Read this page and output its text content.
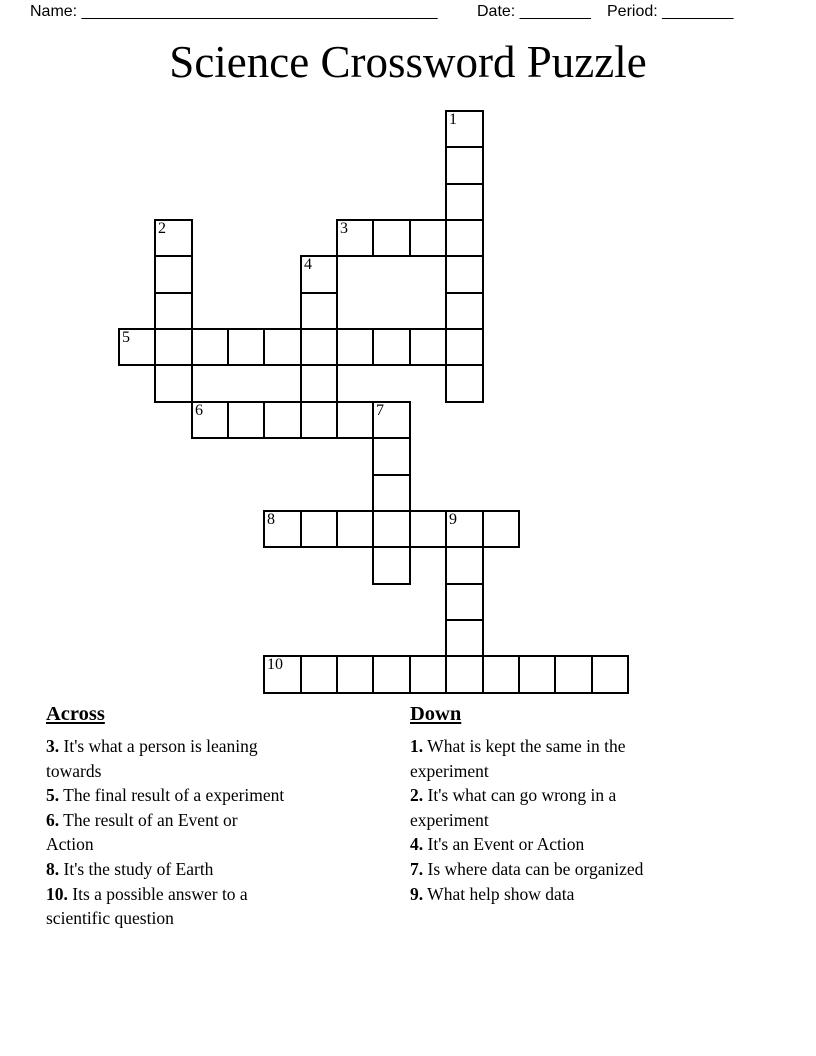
Name: ________________________________________ Date: ________ Period: ________
Science Crossword Puzzle
1
2	3
4
5
6	7
8	9
10
Across
3. It's what a person is leaning
towards
5. The final result of a experiment
6. The result of an Event or
Action
8. It's the study of Earth
10. Its a possible answer to a
scientific question
Down
1. What is kept the same in the
experiment
2. It's what can go wrong in a
experiment
4. It's an Event or Action
7. Is where data can be organized
9. What help show data
